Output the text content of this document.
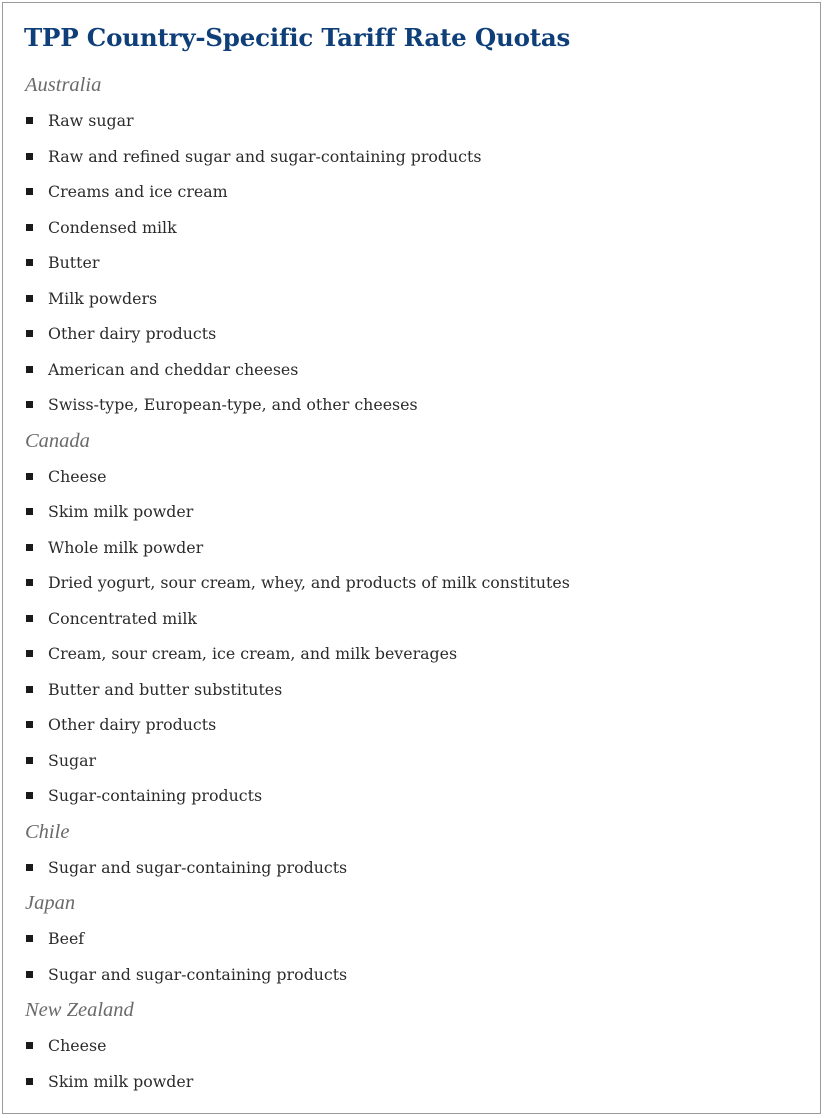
TPP Country-Specific Tariff Rate Quotas
Australia
Raw sugar
Raw and refined sugar and sugar-containing products
Creams and ice cream
Condensed milk
Butter
Milk powders
Other dairy products
American and cheddar cheeses
Swiss-type, European-type, and other cheeses
Canada
Cheese
Skim milk powder
Whole milk powder
Dried yogurt, sour cream, whey, and products of milk constitutes
Concentrated milk
Cream, sour cream, ice cream, and milk beverages
Butter and butter substitutes
Other dairy products
Sugar
Sugar-containing products
Chile
Sugar and sugar-containing products
Japan
Beef
Sugar and sugar-containing products
New Zealand
Cheese
Skim milk powder
